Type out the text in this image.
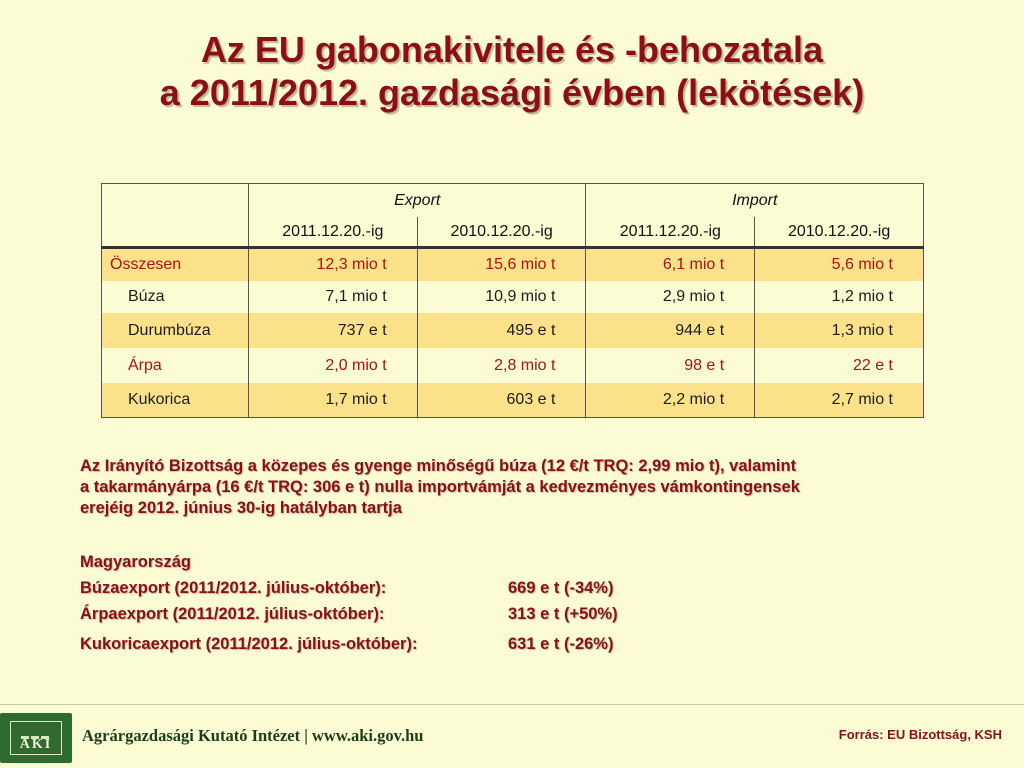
Az EU gabonakivitele és -behozatala
a 2011/2012. gazdasági évben (lekötések)
	Export		Import	
	2011.12.20.-ig	2010.12.20.-ig	2011.12.20.-ig	2010.12.20.-ig
Összesen	12,3 mio t	15,6 mio t	6,1 mio t	5,6 mio t
Búza	7,1 mio t	10,9 mio t	2,9 mio t	1,2 mio t
Durumbúza	737 e t	495 e t	944 e t	1,3 mio t
Árpa	2,0 mio t	2,8 mio t	98 e t	22 e t
Kukorica	1,7 mio t	603 e t	2,2 mio t	2,7 mio t
Az Irányító Bizottság a közepes és gyenge minőségű búza (12 €/t TRQ: 2,99 mio t), valamint
a takarmányárpa (16 €/t TRQ: 306 e t) nulla importvámját a kedvezményes vámkontingensek
erejéig 2012. június 30-ig hatályban tartja
Magyarország
Búzaexport (2011/2012. július-október):	669 e t (-34%)
Árpaexport (2011/2012. július-október):	313 e t (+50%)
Kukoricaexport (2011/2012. július-október):	631 e t (-26%)
AKI	Agrárgazdasági Kutató Intézet | www.aki.gov.hu	Forrás: EU Bizottság, KSH
